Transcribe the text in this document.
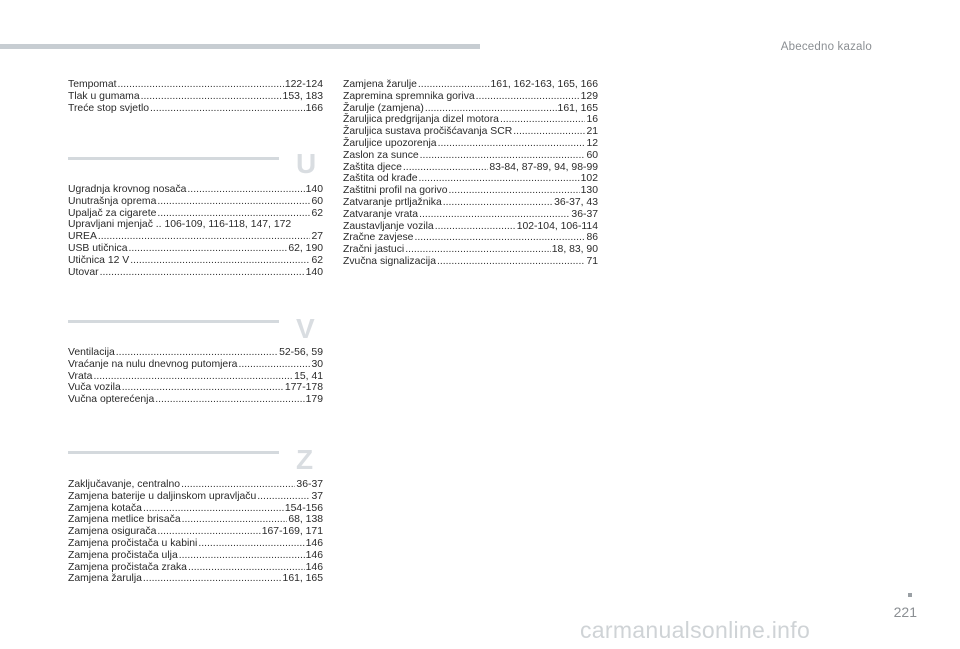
Abecedno kazalo
Tempomat .....	122-124
Tlak u gumama .....	153, 183
Treće stop svjetlo .....	166
U
Ugradnja krovnog nosača .....	140
Unutrašnja oprema .....	60
Upaljač za cigarete .....	62
Upravljani mjenjač .. 106-109, 116-118, 147, 172
UREA .....	27
USB utičnica .....	62, 190
Utičnica 12 V .....	62
Utovar .....	140
V
Ventilacija .....	52-56, 59
Vraćanje na nulu dnevnog putomjera .....	30
Vrata .....	15, 41
Vuča vozila .....	177-178
Vučna opterećenja .....	179
Z
Zaključavanje, centralno .....	36-37
Zamjena baterije u daljinskom upravljaču .....	37
Zamjena kotača .....	154-156
Zamjena metlice brisača .....	68, 138
Zamjena osigurača .....	167-169, 171
Zamjena pročistača u kabini .....	146
Zamjena pročistača ulja .....	146
Zamjena pročistača zraka .....	146
Zamjena žarulja .....	161, 165
Zamjena žarulje .....	161, 162-163, 165, 166
Zapremina spremnika goriva .....	129
Žarulje (zamjena) .....	161, 165
Žaruljica predgrijanja dizel motora .....	16
Žaruljica sustava pročišćavanja SCR .....	21
Žaruljice upozorenja .....	12
Zaslon za sunce .....	60
Zaštita djece .....	83-84, 87-89, 94, 98-99
Zaštita od krađe .....	102
Zaštitni profil na gorivo .....	130
Zatvaranje prtljažnika .....	36-37, 43
Zatvaranje vrata .....	36-37
Zaustavljanje vozila .....	102-104, 106-114
Zračne zavjese .....	86
Zračni jastuci .....	18, 83, 90
Zvučna signalizacija .....	71
221
carmanualsonline.info
